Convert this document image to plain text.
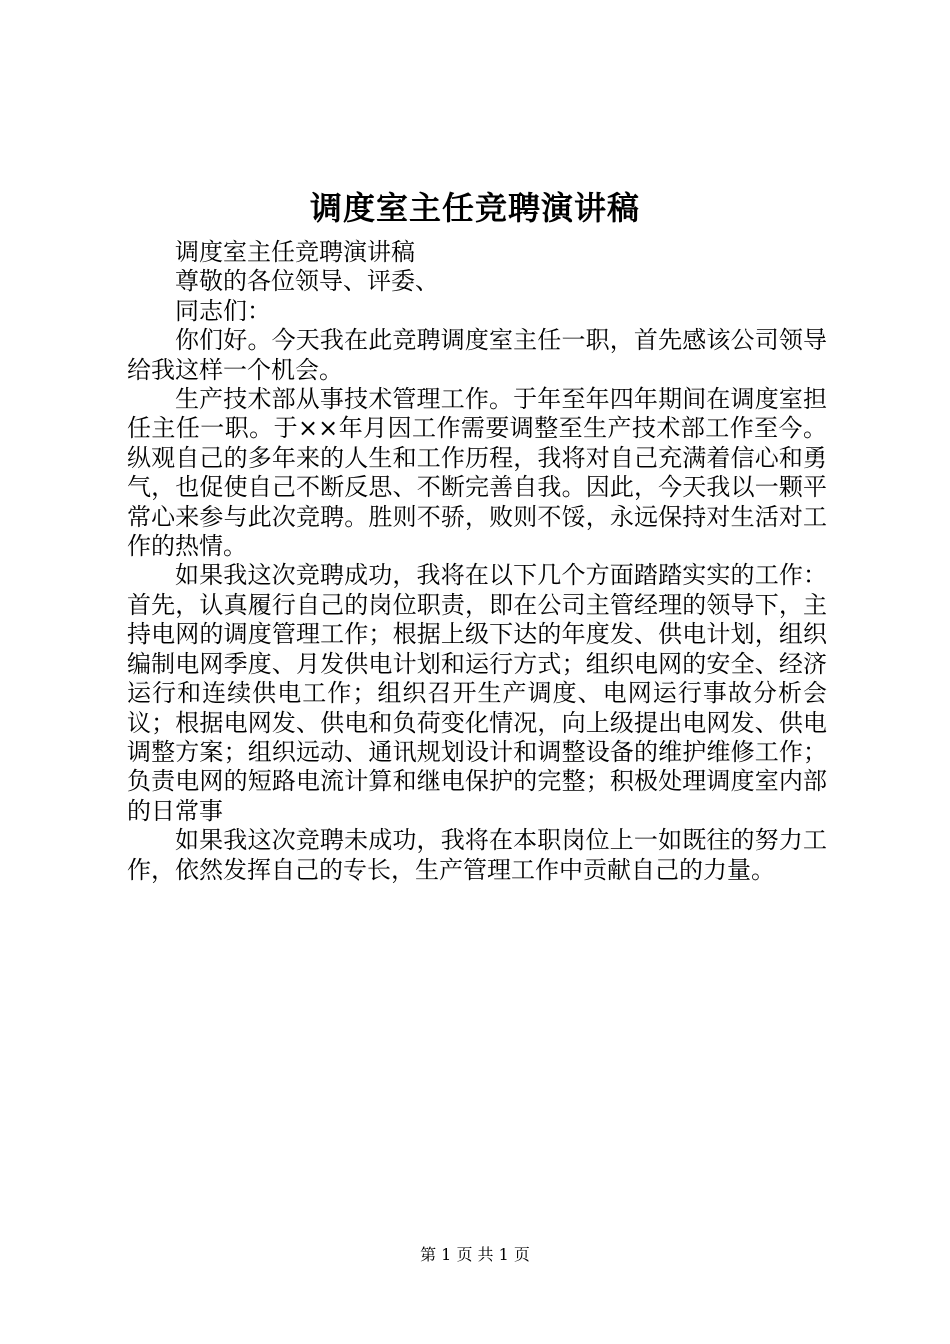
调度室主任竞聘演讲稿

调度室主任竞聘演讲稿

尊敬的各位领导、评委、

同志们：

你们好。今天我在此竞聘调度室主任一职，首先感该公司领导给我这样一个机会。

生产技术部从事技术管理工作。于年至年四年期间在调度室担任主任一职。于××年月因工作需要调整至生产技术部工作至今。纵观自己的多年来的人生和工作历程，我将对自己充满着信心和勇气，也促使自己不断反思、不断完善自我。因此，今天我以一颗平常心来参与此次竞聘。胜则不骄，败则不馁，永远保持对生活对工作的热情。

如果我这次竞聘成功，我将在以下几个方面踏踏实实的工作：首先，认真履行自己的岗位职责，即在公司主管经理的领导下，主持电网的调度管理工作；根据上级下达的年度发、供电计划，组织编制电网季度、月发供电计划和运行方式；组织电网的安全、经济运行和连续供电工作；组织召开生产调度、电网运行事故分析会议；根据电网发、供电和负荷变化情况，向上级提出电网发、供电调整方案；组织远动、通讯规划设计和调整设备的维护维修工作；负责电网的短路电流计算和继电保护的完整；积极处理调度室内部的日常事

如果我这次竞聘未成功，我将在本职岗位上一如既往的努力工作，依然发挥自己的专长，生产管理工作中贡献自己的力量。

第 1 页 共 1 页
